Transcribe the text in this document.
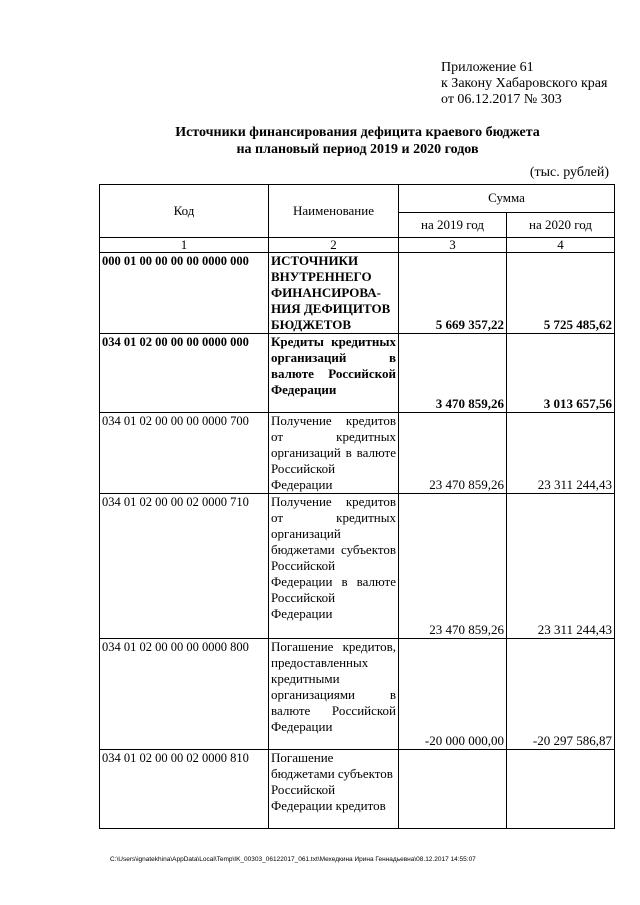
Приложение 61
к Закону Хабаровского края
от 06.12.2017 № 303
Источники финансирования дефицита краевого бюджета
на плановый период 2019 и 2020 годов
(тыс. рублей)
Код	Наименование	Сумма	
		на 2019 год	на 2020 год
1	2	3	4
000 01 00 00 00 00 0000 000	ИСТОЧНИКИ ВНУТРЕННЕГО ФИНАНСИРОВАНИЯ ДЕФИЦИТОВ БЮДЖЕТОВ	5 669 357,22	5 725 485,62
034 01 02 00 00 00 0000 000	Кредиты кредитных организаций в валюте Российской Федерации	3 470 859,26	3 013 657,56
034 01 02 00 00 00 0000 700	Получение кредитов от кредитных организаций в валюте Российской Федерации	23 470 859,26	23 311 244,43
034 01 02 00 00 02 0000 710	Получение кредитов от кредитных организаций бюджетами субъектов Российской Федерации в валюте Российской Федерации	23 470 859,26	23 311 244,43
034 01 02 00 00 00 0000 800	Погашение кредитов, предоставленных кредитными организациями в валюте Российской Федерации	-20 000 000,00	-20 297 586,87
034 01 02 00 00 02 0000 810	Погашение бюджетами субъектов Российской Федерации кредитов		
C:\Users\ignatekhina\AppData\Local\Temp\IK_00303_06122017_061.txt\Мехедкина Ирина Геннадьевна\08.12.2017 14:55:07
